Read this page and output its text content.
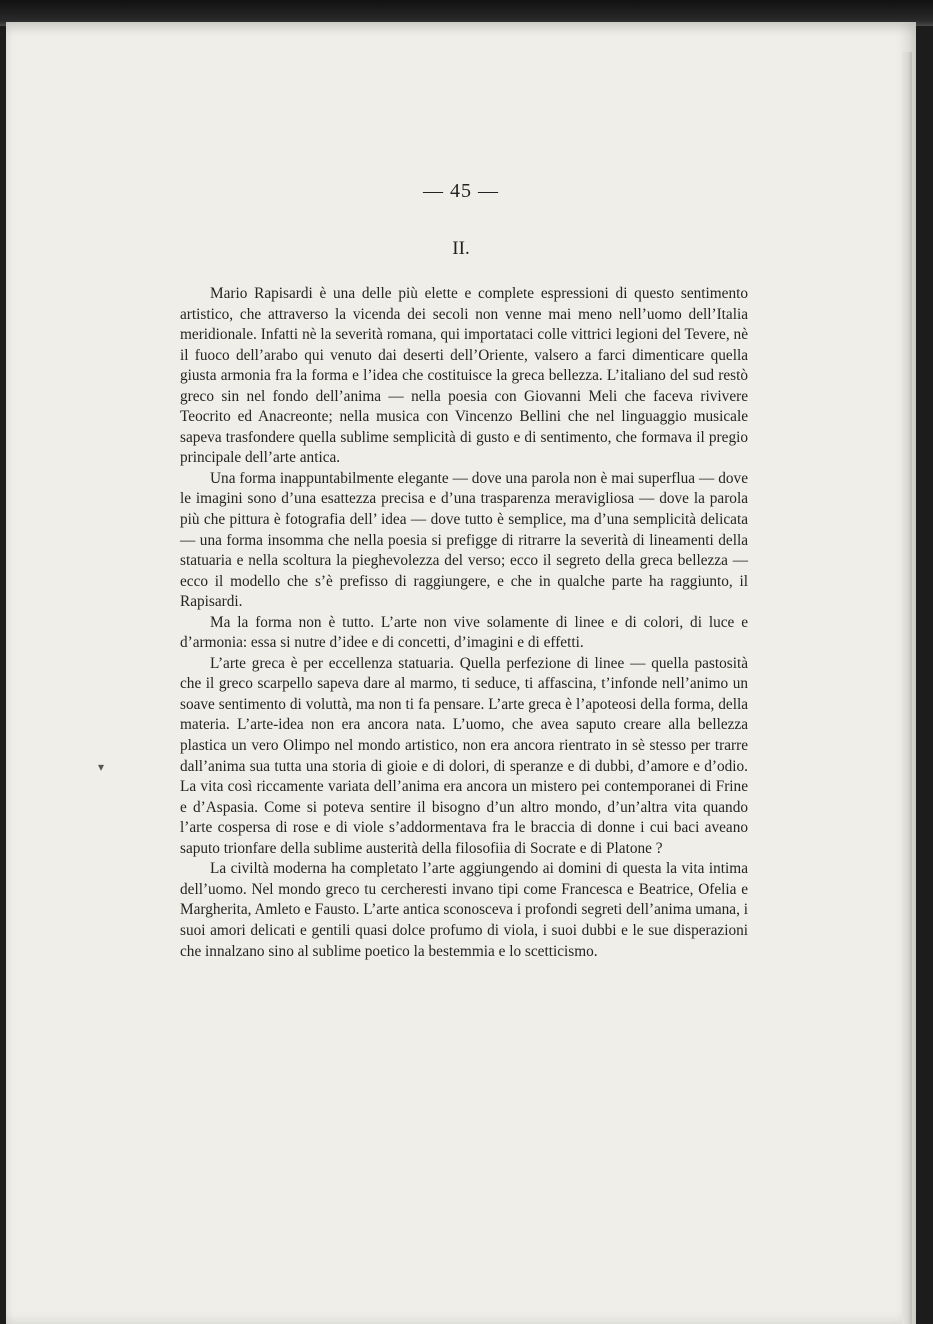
— 45 —
II.

Mario Rapisardi è una delle più elette e complete espressioni di questo sentimento artistico, che attraverso la vicenda dei secoli non venne mai meno nell’uomo dell’Italia meridionale. Infatti nè la severità romana, qui importataci colle vittrici legioni del Tevere, nè il fuoco dell’arabo qui venuto dai deserti dell’Oriente, valsero a farci dimenticare quella giusta armonia fra la forma e l’idea che costituisce la greca bellezza. L’italiano del sud restò greco sin nel fondo dell’anima — nella poesia con Giovanni Meli che faceva rivivere Teocrito ed Anacreonte; nella musica con Vincenzo Bellini che nel linguaggio musicale sapeva trasfondere quella sublime semplicità di gusto e di sentimento, che formava il pregio principale dell’arte antica.

Una forma inappuntabilmente elegante — dove una parola non è mai superflua — dove le imagini sono d’una esattezza precisa e d’una trasparenza meravigliosa — dove la parola più che pittura è fotografia dell’ idea — dove tutto è semplice, ma d’una semplicità delicata — una forma insomma che nella poesia si prefigge di ritrarre la severità di lineamenti della statuaria e nella scoltura la pieghevolezza del verso; ecco il segreto della greca bellezza — ecco il modello che s’è prefisso di raggiungere, e che in qualche parte ha raggiunto, il Rapisardi.

Ma la forma non è tutto. L’arte non vive solamente di linee e di colori, di luce e d’armonia: essa si nutre d’idee e di concetti, d’imagini e di effetti.

L’arte greca è per eccellenza statuaria. Quella perfezione di linee — quella pastosità che il greco scarpello sapeva dare al marmo, ti seduce, ti affascina, t’infonde nell’animo un soave sentimento di voluttà, ma non ti fa pensare. L’arte greca è l’apoteosi della forma, della materia. L’arte-idea non era ancora nata. L’uomo, che avea saputo creare alla bellezza plastica un vero Olimpo nel mondo artistico, non era ancora rientrato in sè stesso per trarre dall’anima sua tutta una storia di gioie e di dolori, di speranze e di dubbi, d’amore e d’odio. La vita così riccamente variata dell’anima era ancora un mistero pei contemporanei di Frine e d’Aspasia. Come si poteva sentire il bisogno d’un altro mondo, d’un’altra vita quando l’arte cospersa di rose e di viole s’addormentava fra le braccia di donne i cui baci aveano saputo trionfare della sublime austerità della filosofiia di Socrate e di Platone ?

La civiltà moderna ha completato l’arte aggiungendo ai domini di questa la vita intima dell’uomo. Nel mondo greco tu cercheresti invano tipi come Francesca e Beatrice, Ofelia e Margherita, Amleto e Fausto. L’arte antica sconosceva i profondi segreti dell’anima umana, i suoi amori delicati e gentili quasi dolce profumo di viola, i suoi dubbi e le sue disperazioni che innalzano sino al sublime poetico la bestemmia e lo scetticismo.

▾
